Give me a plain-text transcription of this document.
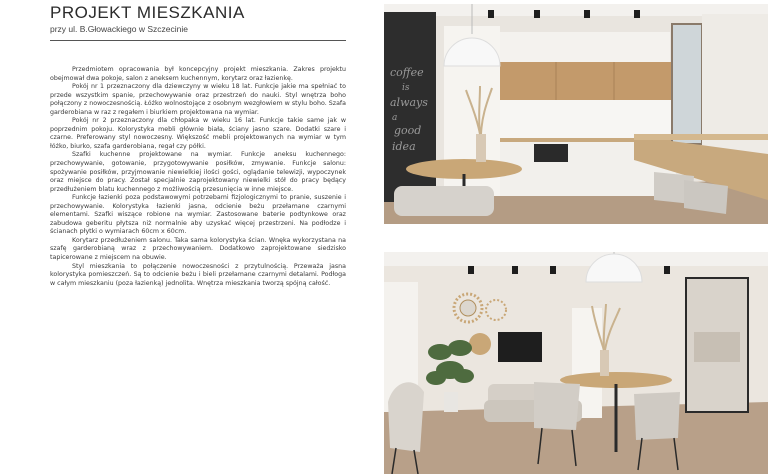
PROJEKT MIESZKANIA
przy ul. B.Głowackiego w Szczecinie

Przedmiotem opracowania był koncepcyjny projekt mieszkania. Zakres projektu obejmował dwa pokoje, salon z aneksem kuchennym, korytarz oraz łazienkę.

Pokój nr 1 przeznaczony dla dziewczyny w wieku 18 lat. Funkcje jakie ma spełniać to przede wszystkim spanie, przechowywanie oraz przestrzeń do nauki. Styl wnętrza boho połączony z nowoczesnością. Łóżko wolnostojące z osobnym wezgłowiem w stylu boho. Szafa garderobiana w raz z regałem i biurkiem projektowana na wymiar.

Pokój nr 2 przeznaczony dla chłopaka w wieku 16 lat. Funkcje takie same jak w poprzednim pokoju. Kolorystyka mebli głównie biała, ściany jasno szare. Dodatki szare i czarne. Preferowany styl nowoczesny. Większość mebli projektowanych na wymiar w tym łóżko, biurko, szafa garderobiana, regał czy półki.

Szafki kuchenne projektowane na wymiar. Funkcje aneksu kuchennego: przechowywanie, gotowanie, przygotowywanie posiłków, zmywanie. Funkcje salonu: spożywanie posiłków, przyjmowanie niewielkiej ilości gości, oglądanie telewizji, wypoczynek oraz miejsce do pracy. Został specjalnie zaprojektowany niewielki stół do pracy będący przedłużeniem blatu kuchennego z możliwością przesunięcia w inne miejsce.

Funkcje łazienki poza podstawowymi potrzebami fizjologicznymi to pranie, suszenie i przechowywanie. Kolorystyka łazienki jasna, odcienie beżu przełamane czarnymi elementami. Szafki wiszące robione na wymiar. Zastosowane baterie podtynkowe oraz zabudowa geberitu płytsza niż normalnie aby uzyskać więcej przestrzeni. Na podłodze i ścianach płytki o wymiarach 60cm x 60cm.

Korytarz przedłużeniem salonu. Taka sama kolorystyka ścian. Wnęka wykorzystana na szafę garderobianą wraz z przechowywaniem. Dodatkowo zaprojektowane siedzisko tapicerowane z miejscem na obuwie.

Styl mieszkania to połączenie nowoczesności z przytulnością. Przeważa jasna kolorystyka pomieszczeń. Są to odcienie beżu i bieli przełamane czarnymi detalami. Podłoga w całym mieszkaniu (poza łazienką) jednolita. Wnętrza mieszkania tworzą spójną całość.

coffee
is
always
a
good
idea
